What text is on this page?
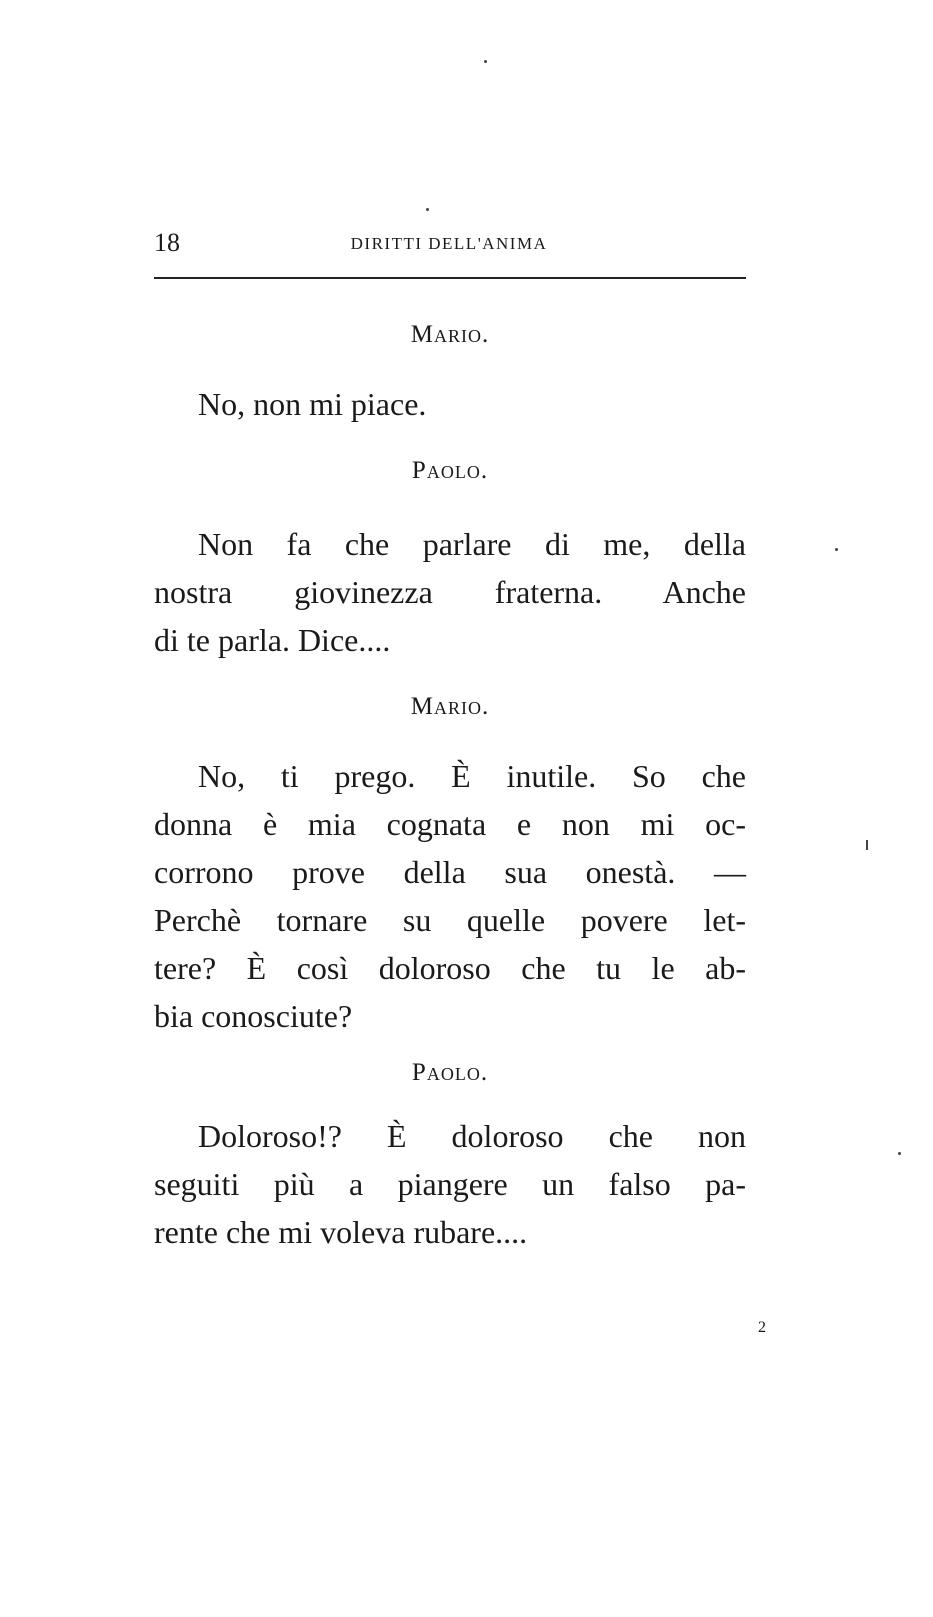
18	DIRITTI DELL'ANIMA
Mario.
No, non mi piace.
Paolo.
Non fa che parlare di me, della
nostra giovinezza fraterna. Anche
di te parla. Dice....
Mario.
No, ti prego. È inutile. So che
donna è mia cognata e non mi oc-
corrono prove della sua onestà. —
Perchè tornare su quelle povere let-
tere? È così doloroso che tu le ab-
bia conosciute?
Paolo.
Doloroso!? È doloroso che non
seguiti più a piangere un falso pa-
rente che mi voleva rubare....
2
